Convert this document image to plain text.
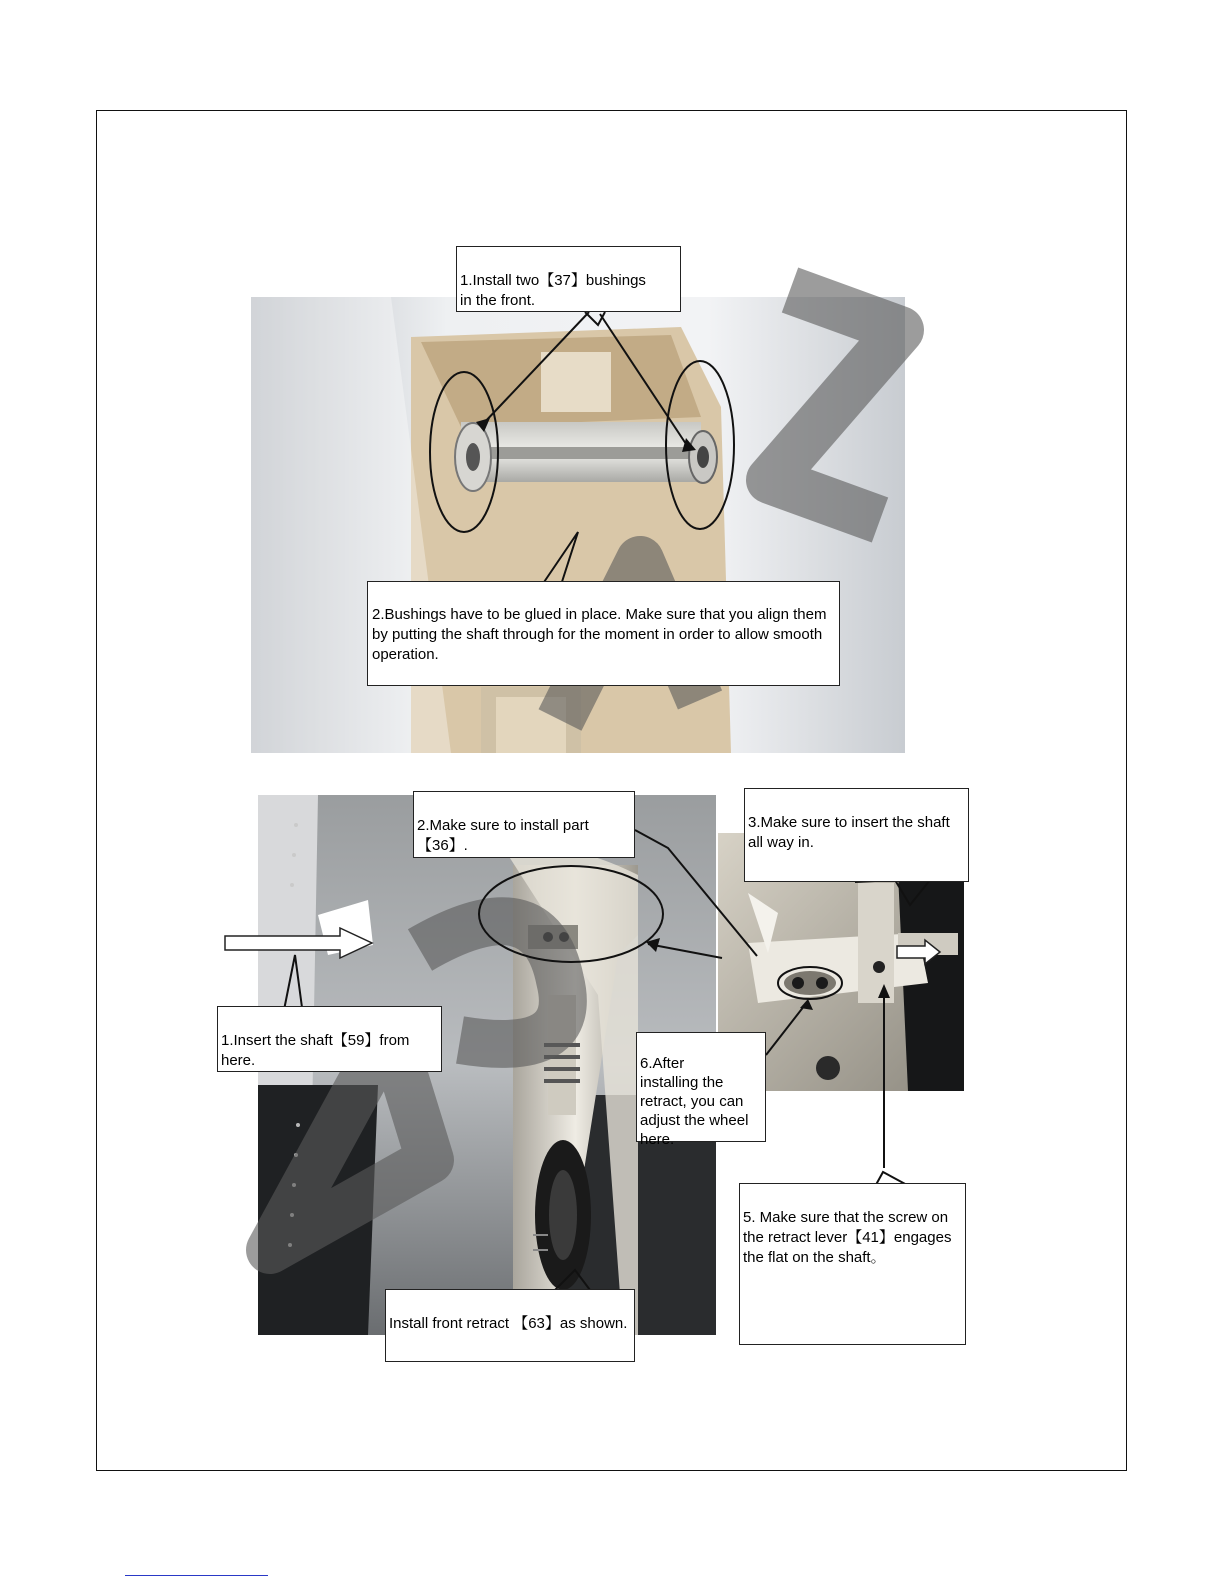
1.Install two【37】bushings
in the front.

2.Bushings have to be glued in place. Make sure that you align them by putting the shaft through for the moment in order to allow smooth operation.

2.Make sure to install part
【36】.

3.Make sure to insert the shaft all way in.

1.Insert the shaft【59】from here.	6.After
installing the retract, you can adjust the wheel here.

5. Make sure that the screw on the retract lever【41】engages the flat on the shaft。

Install front retract 【63】as shown.
